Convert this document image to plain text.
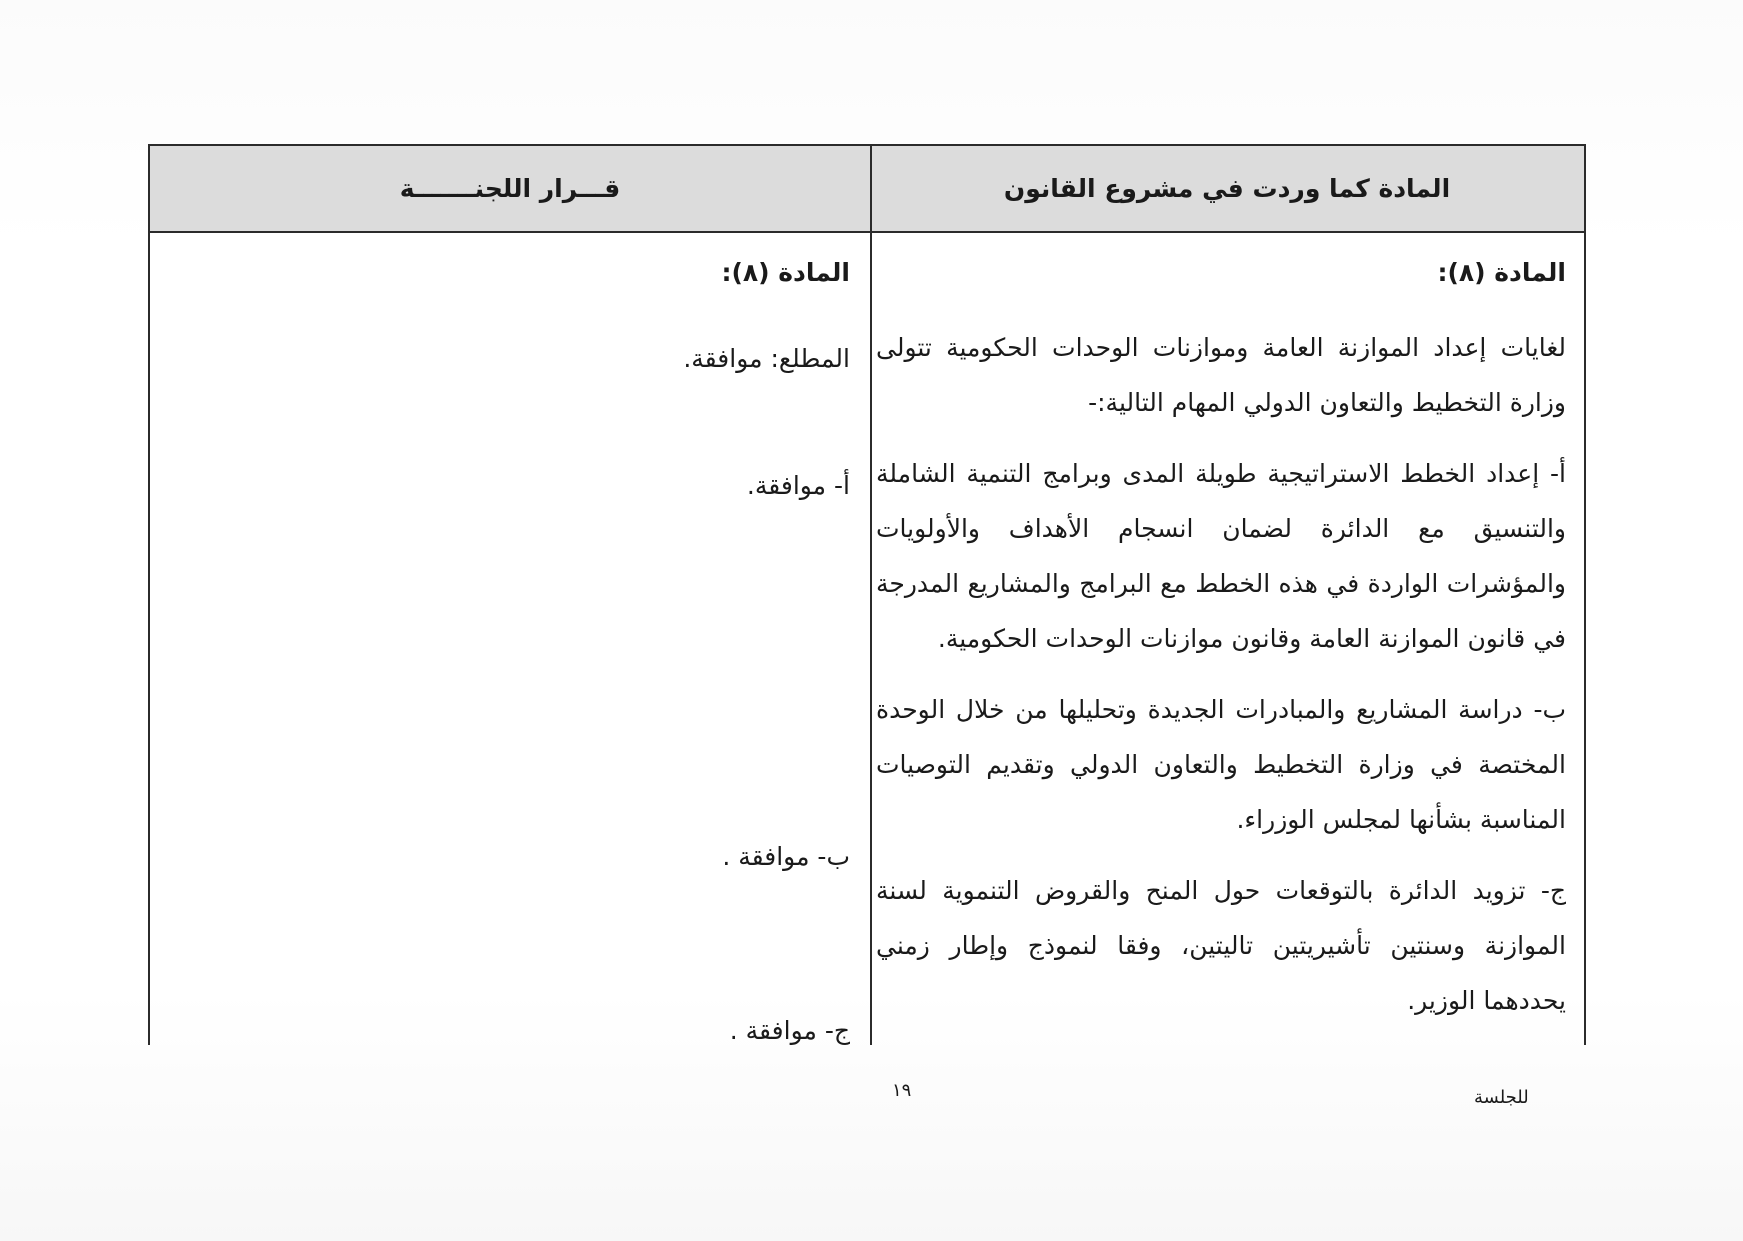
المادة كما وردت في مشروع القانون
قـــرار اللجنـــــــة
المادة (٨):
لغايات إعداد الموازنة العامة وموازنات الوحدات الحكومية تتولى وزارة التخطيط والتعاون الدولي المهام التالية:-
أ- إعداد الخطط الاستراتيجية طويلة المدى وبرامج التنمية الشاملة والتنسيق مع الدائرة لضمان انسجام الأهداف والأولويات والمؤشرات الواردة في هذه الخطط مع البرامج والمشاريع المدرجة في قانون الموازنة العامة وقانون موازنات الوحدات الحكومية.
ب- دراسة المشاريع والمبادرات الجديدة وتحليلها من خلال الوحدة المختصة في وزارة التخطيط والتعاون الدولي وتقديم التوصيات المناسبة بشأنها لمجلس الوزراء.
ج- تزويد الدائرة بالتوقعات حول المنح والقروض التنموية لسنة الموازنة وسنتين تأشيريتين تاليتين، وفقا لنموذج وإطار زمني يحددهما الوزير.
المادة (٨):
المطلع: موافقة.
أ- موافقة.
ب- موافقة .
ج- موافقة .
١٩	للجلسة
